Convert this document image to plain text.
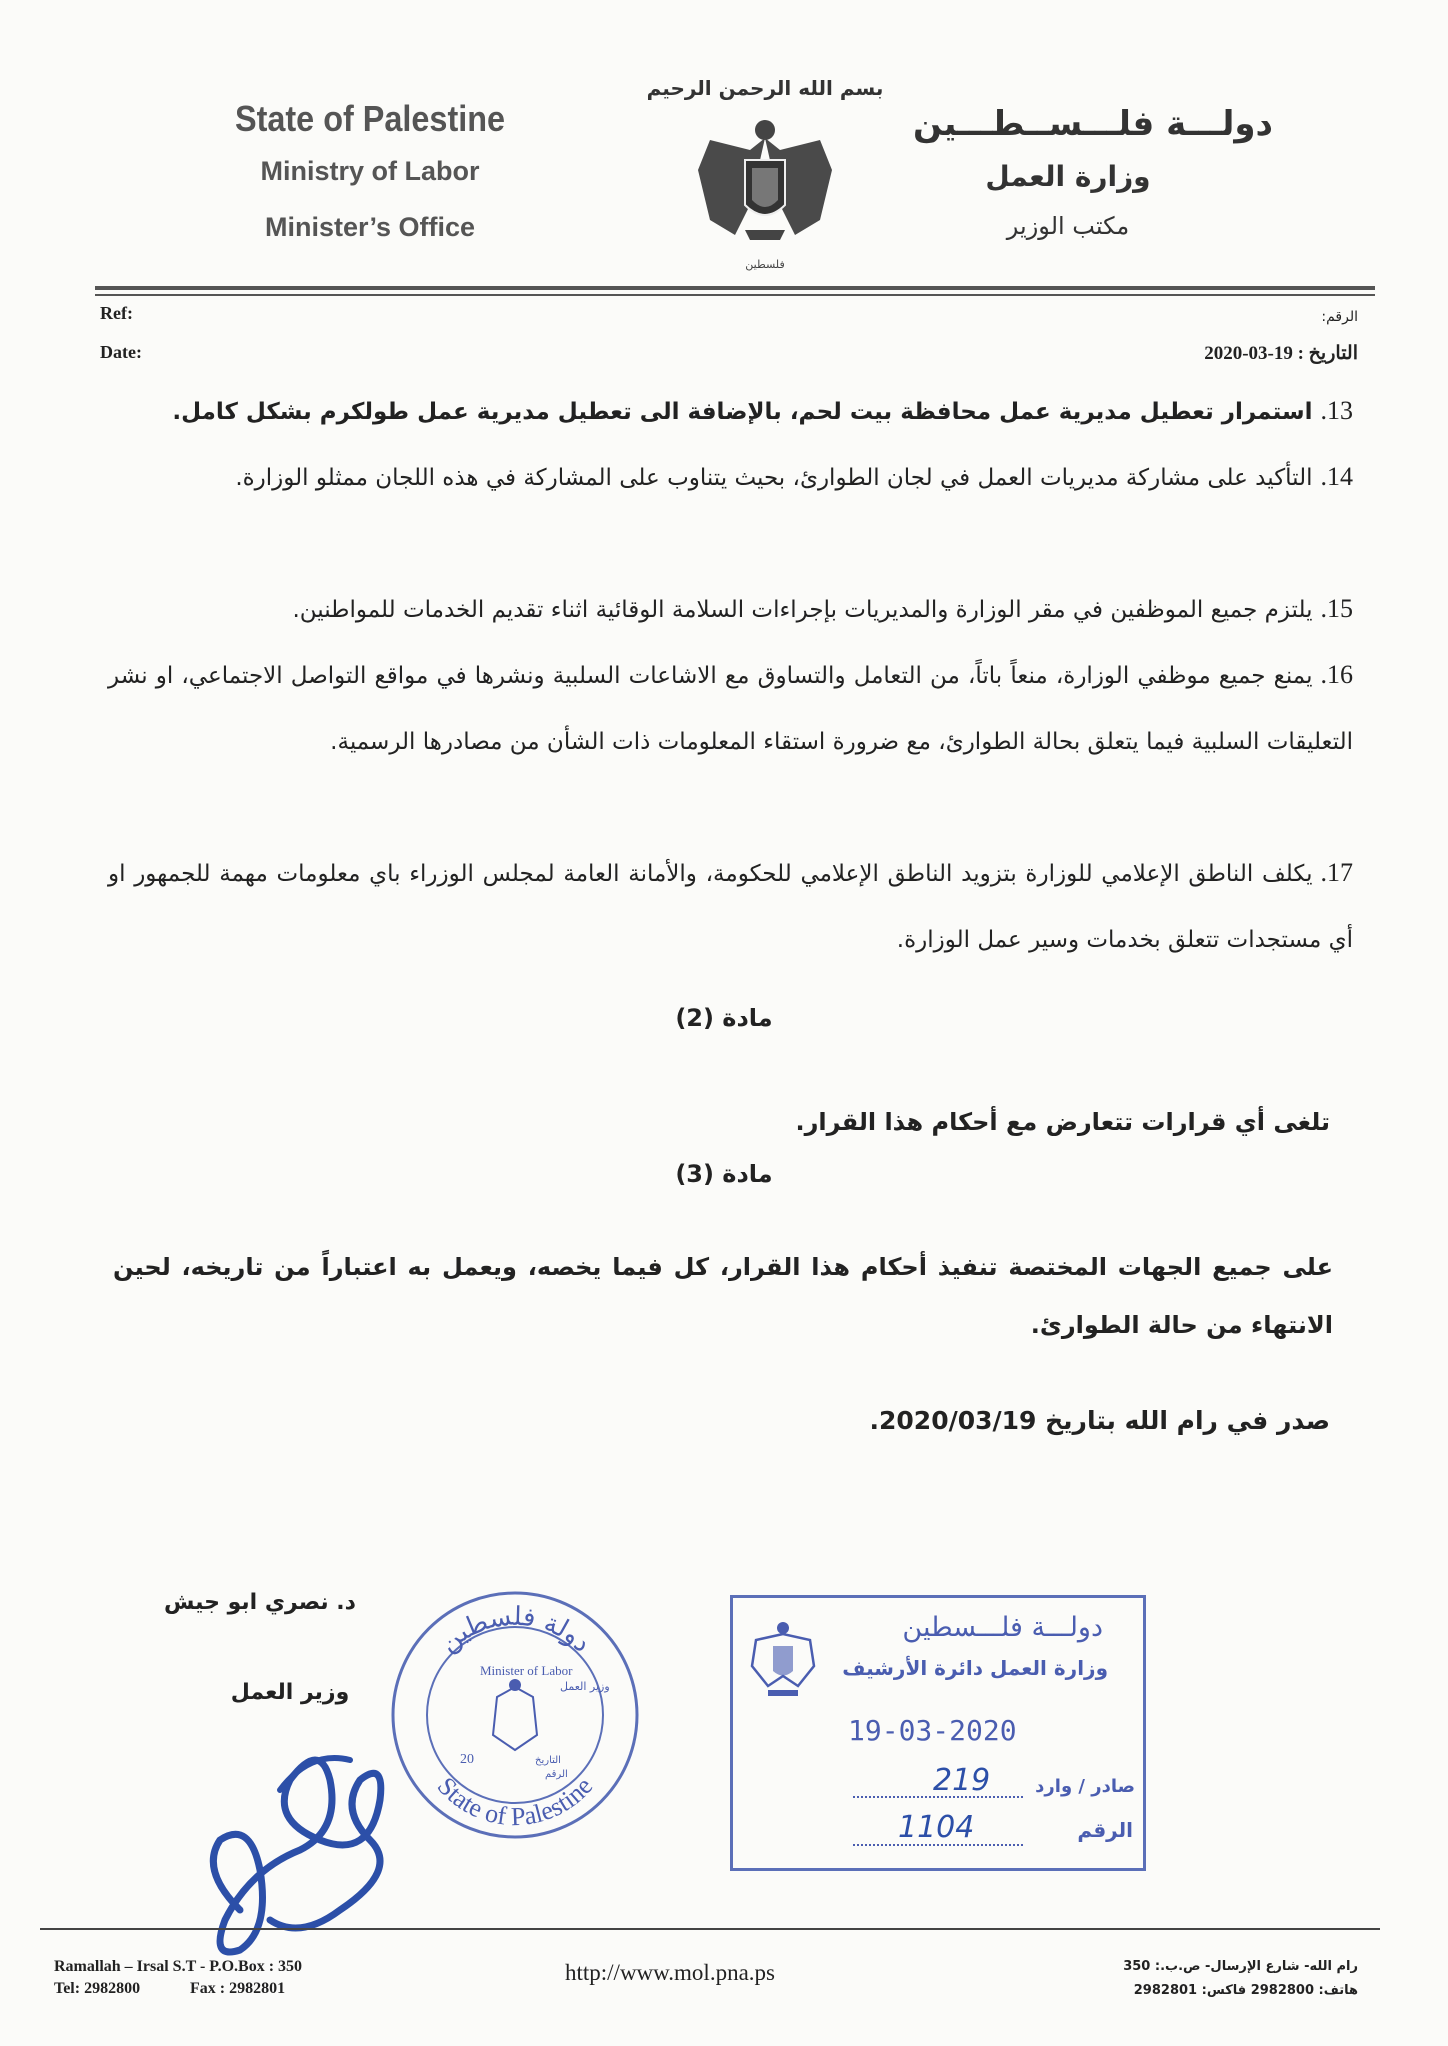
State of Palestine
Ministry of Labor
Minister’s Office
بسم الله الرحمن الرحيم
فلسطين
دولـــة فلـــســطـــين
وزارة العمل
مكتب الوزير
Ref:
Date:
الرقم:
التاريخ : 19-03-2020
13.استمرار تعطيل مديرية عمل محافظة بيت لحم، بالإضافة الى تعطيل مديرية عمل طولكرم بشكل كامل.
14.التأكيد على مشاركة مديريات العمل في لجان الطوارئ، بحيث يتناوب على المشاركة في هذه اللجان ممثلو الوزارة.
15.يلتزم جميع الموظفين في مقر الوزارة والمديريات بإجراءات السلامة الوقائية اثناء تقديم الخدمات للمواطنين.
16.يمنع جميع موظفي الوزارة، منعاً باتاً، من التعامل والتساوق مع الاشاعات السلبية ونشرها في مواقع التواصل الاجتماعي، او نشر التعليقات السلبية فيما يتعلق بحالة الطوارئ، مع ضرورة استقاء المعلومات ذات الشأن من مصادرها الرسمية.
17.يكلف الناطق الإعلامي للوزارة بتزويد الناطق الإعلامي للحكومة، والأمانة العامة لمجلس الوزراء باي معلومات مهمة للجمهور او أي مستجدات تتعلق بخدمات وسير عمل الوزارة.
مادة (2)
تلغى أي قرارات تتعارض مع أحكام هذا القرار.
مادة (3)
على جميع الجهات المختصة تنفيذ أحكام هذا القرار، كل فيما يخصه، ويعمل به اعتباراً من تاريخه، لحين الانتهاء من حالة الطوارئ.
صدر في رام الله بتاريخ 2020/03/19.
د. نصري ابو جيش
وزير العمل
دولة فلسطين
State of Palestine
Minister of Labor
وزير العمل
20	التاريخ
الرقم
دولـــة فلـــسطين
وزارة العمل دائرة الأرشيف
19-03-2020
صادر / وارد
219
الرقم
1104
Ramallah – Irsal S.T - P.O.Box : 350
Tel: 2982800	Fax : 2982801
http://www.mol.pna.ps	رام الله- شارع الإرسال- ص.ب.: 350
هاتف: 2982800 فاكس: 2982801
